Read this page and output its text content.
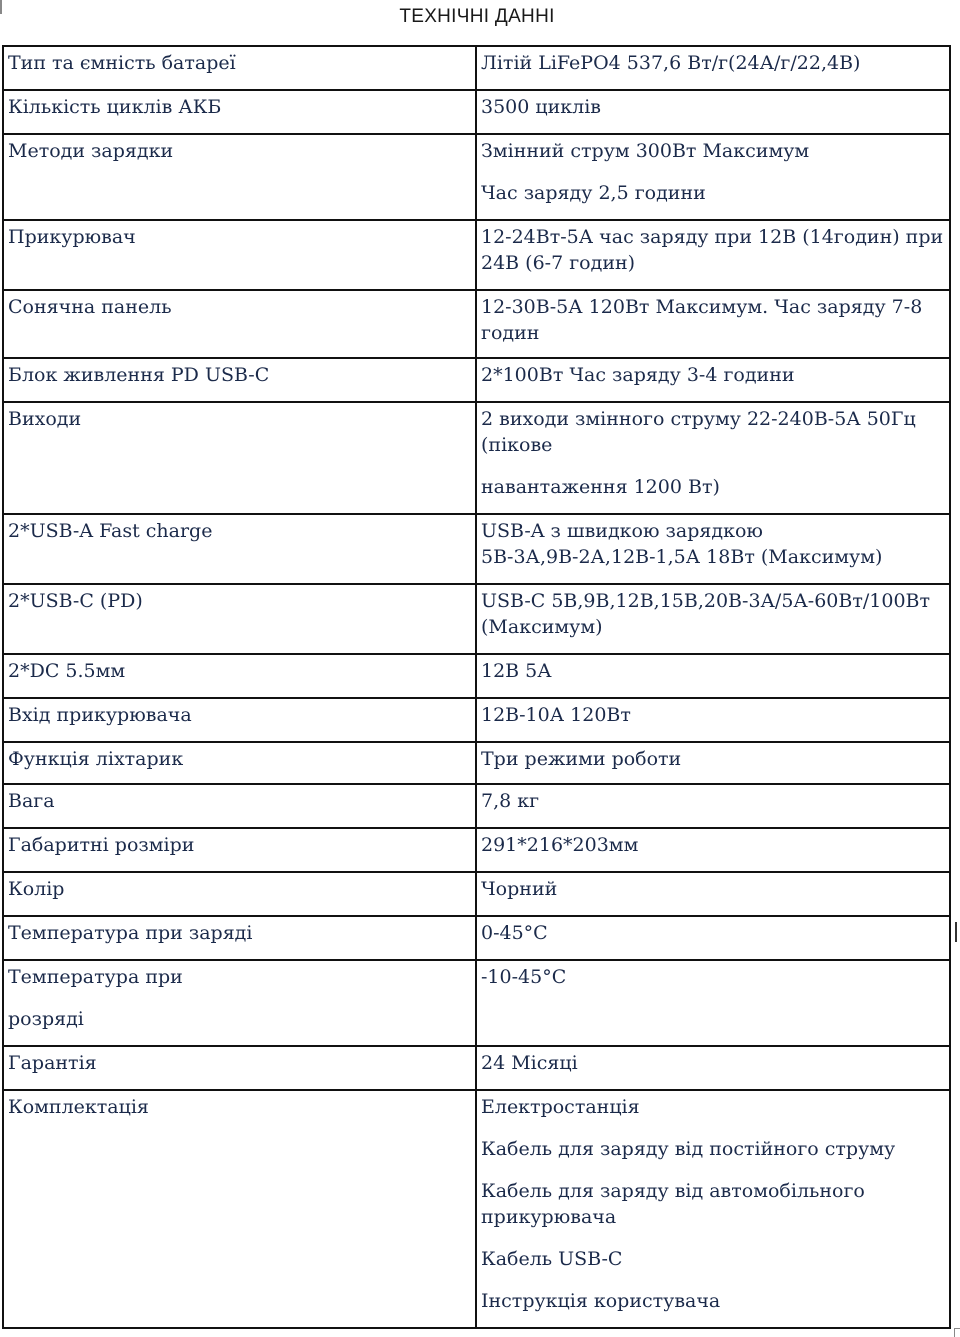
ТЕХНІЧНІ ДАННІ
Тип та ємність батареї	Літій LiFePO4 537,6 Вт/г(24А/г/22,4В)

Кількість циклів АКБ	3500 циклів

Методи зарядки	Змінний струм 300Вт Максимум
Час заряду 2,5 години

Прикурювач	12-24Вт-5А час заряду при 12В (14годин) при 24В (6-7 годин)

Сонячна панель	12-30В-5А 120Вт Максимум. Час заряду 7-8 годин

Блок живлення PD USB-C	2*100Вт Час заряду 3-4 години

Виходи	2 виходи змінного струму 22-240В-5А 50Гц (пікове
навантаження 1200 Вт)

2*USB-A Fast charge	USB-A з швидкою зарядкою 5В-3А,9В-2А,12В-1,5А 18Вт (Максимум)

2*USB-C (PD)	USB-C 5В,9В,12В,15В,20В-3А/5А-60Вт/100Вт (Максимум)

2*DC 5.5мм	12В 5А

Вхід прикурювача	12В-10А 120Вт

Функція ліхтарик	Три режими роботи

Вага	7,8 кг

Габаритні розміри	291*216*203мм

Колір	Чорний

Температура при заряді	0-45°C

Температура при
розряді	-10-45°C

Гарантія	24 Місяці

Комплектація	Електростанція
Кабель для заряду від постійного струму
Кабель для заряду від автомобільного прикурювача
Кабель USB-C
Інструкція користувача
